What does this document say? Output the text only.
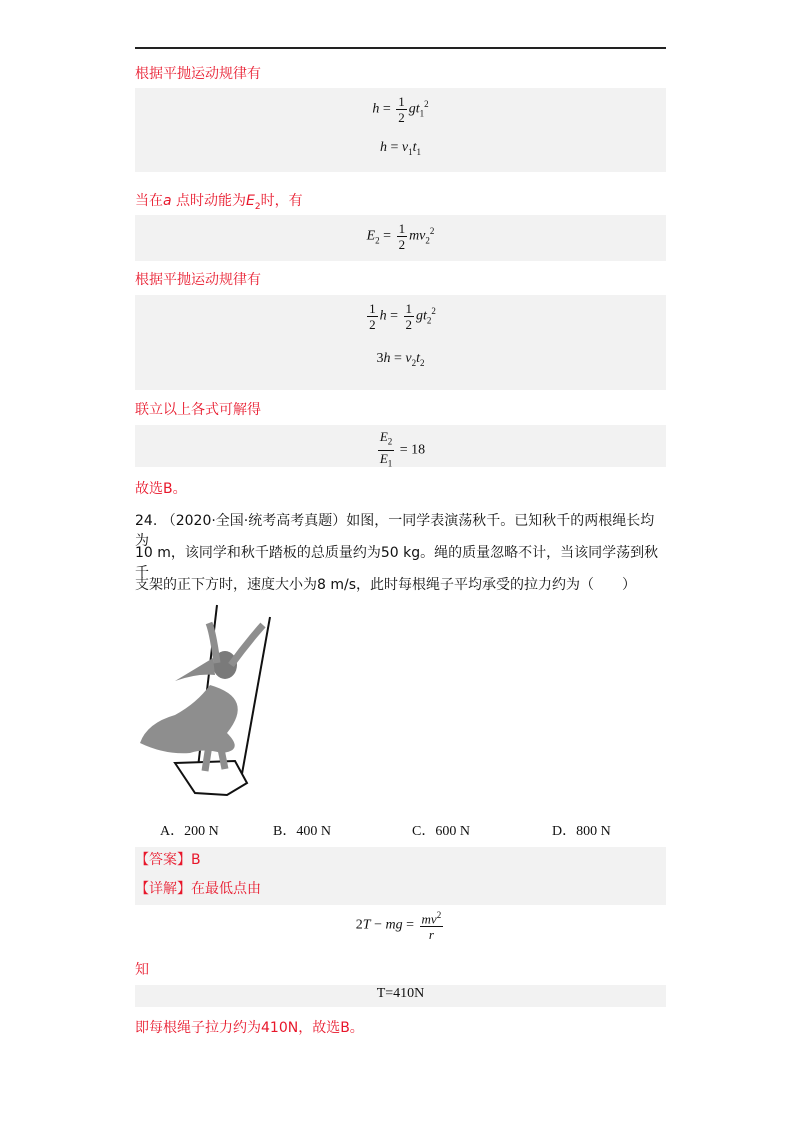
根据平抛运动规律有
$h = \frac{1}{2} gt_1^2$
$h = v_1t_1$
当在a 点时动能为$E_2$时，有
$E_2 = \frac{1}{2} mv_2^2$
根据平抛运动规律有
$\frac{1}{2}$ $h = \frac{1}{2} gt_2^2$
$3h = v_2t_2$
联立以上各式可解得
$\frac{E_2}{E_1} = 18$
故选B。
24. （2020·全国·统考高考真题）如图，一同学表演荡秋千。已知秋千的两根绳长均为
10 m，该同学和秋千踏板的总质量约为50 kg。绳的质量忽略不计，当该同学荡到秋千
支架的正下方时，速度大小为8 m/s，此时每根绳子平均承受的拉力约为（　　）
A．200 N	B．400 N	C．600 N	D．800 N
【答案】B
【详解】在最低点由
2T − mg = $\frac{mv^2}{r}$
知
T=410N
即每根绳子拉力约为410N，故选B。
